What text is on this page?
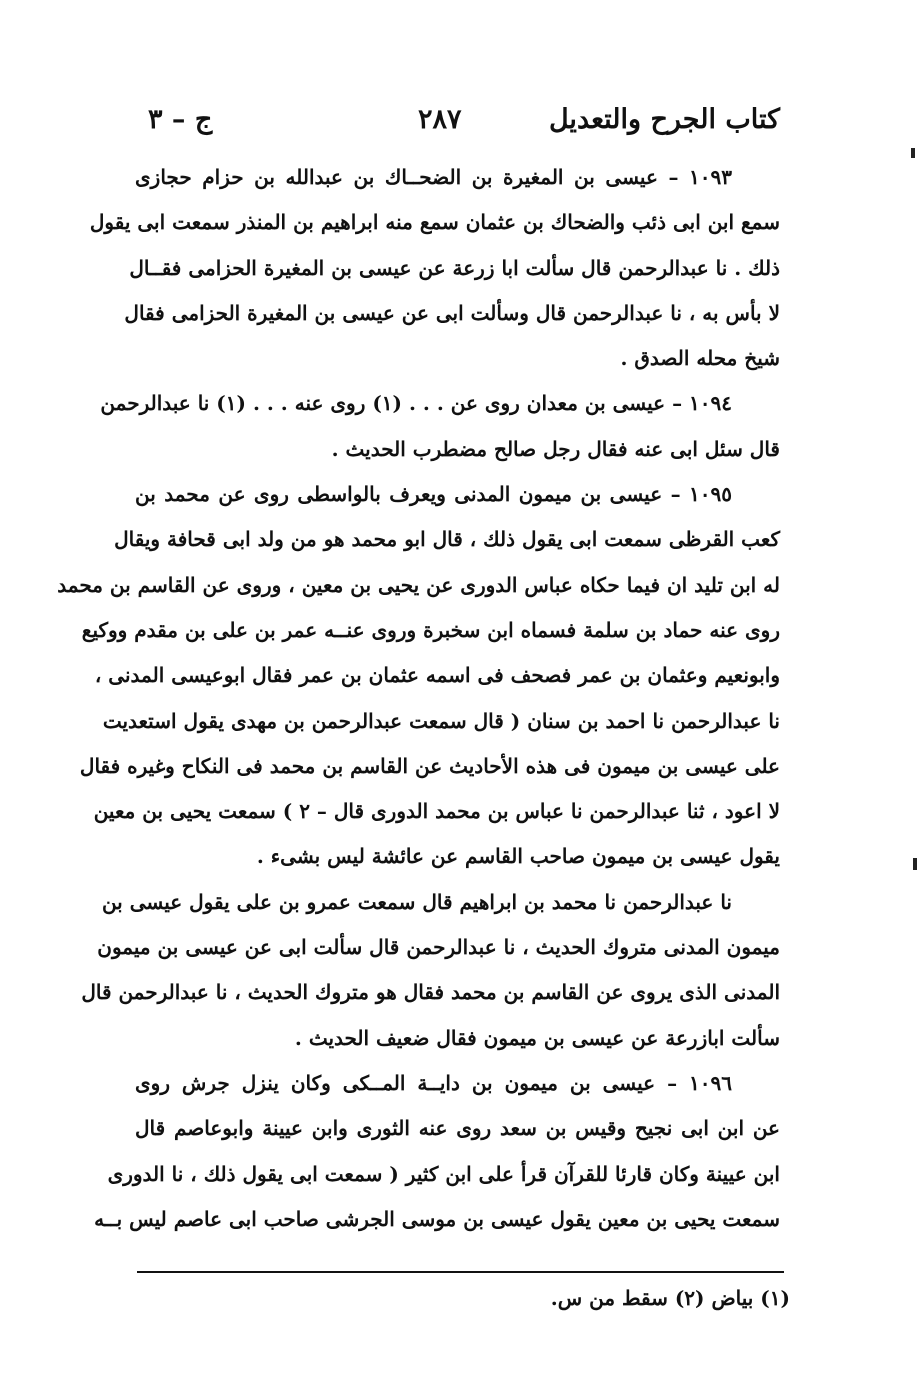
كتاب الجرح والتعديل
٢٨٧
ج – ٣
١٠٩٣ – عيسى بن المغيرة بن الضحــاك بن عبدالله بن حزام حجازى
سمع ابن ابى ذئب والضحاك بن عثمان سمع منه ابراهيم بن المنذر سمعت ابى يقول
ذلك . نا عبدالرحمن قال سألت ابا زرعة عن عيسى بن المغيرة الحزامى فقــال
لا بأس به ، نا عبدالرحمن قال وسألت ابى عن عيسى بن المغيرة الحزامى فقال
شيخ محله الصدق .
١٠٩٤ – عيسى بن معدان روى عن . . . (١) روى عنه . . . (١) نا عبدالرحمن
قال سئل ابى عنه فقال رجل صالح مضطرب الحديث .
١٠٩٥ – عيسى بن ميمون المدنى ويعرف بالواسطى روى عن محمد بن
كعب القرظى سمعت ابى يقول ذلك ، قال ابو محمد هو من ولد ابى قحافة ويقال
له ابن تليد ان فيما حكاه عباس الدورى عن يحيى بن معين ، وروى عن القاسم بن محمد
روى عنه حماد بن سلمة فسماه ابن سخبرة وروى عنــه عمر بن على بن مقدم ووكيع
وابونعيم وعثمان بن عمر فصحف فى اسمه عثمان بن عمر فقال ابوعيسى المدنى ،
نا عبدالرحمن نا احمد بن سنان ( قال سمعت عبدالرحمن بن مهدى يقول استعديت
على عيسى بن ميمون فى هذه الأحاديث عن القاسم بن محمد فى النكاح وغيره فقال
لا اعود ، ثنا عبدالرحمن نا عباس بن محمد الدورى قال – ٢ ) سمعت يحيى بن معين
يقول عيسى بن ميمون صاحب القاسم عن عائشة ليس بشىء .
نا عبدالرحمن نا محمد بن ابراهيم قال سمعت عمرو بن على يقول عيسى بن
ميمون المدنى متروك الحديث ، نا عبدالرحمن قال سألت ابى عن عيسى بن ميمون
المدنى الذى يروى عن القاسم بن محمد فقال هو متروك الحديث ، نا عبدالرحمن قال
سألت ابازرعة عن عيسى بن ميمون فقال ضعيف الحديث .
١٠٩٦ – عيسى بن ميمون بن دايــة المــكى وكان ينزل جرش روى
عن ابن ابى نجيح وقيس بن سعد روى عنه الثورى وابن عيينة وابوعاصم قال
ابن عيينة وكان قارئا للقرآن قرأ على ابن كثير ( سمعت ابى يقول ذلك ، نا الدورى
سمعت يحيى بن معين يقول عيسى بن موسى الجرشى صاحب ابى عاصم ليس بــه
(١) بياض (٢) سقط من س.
